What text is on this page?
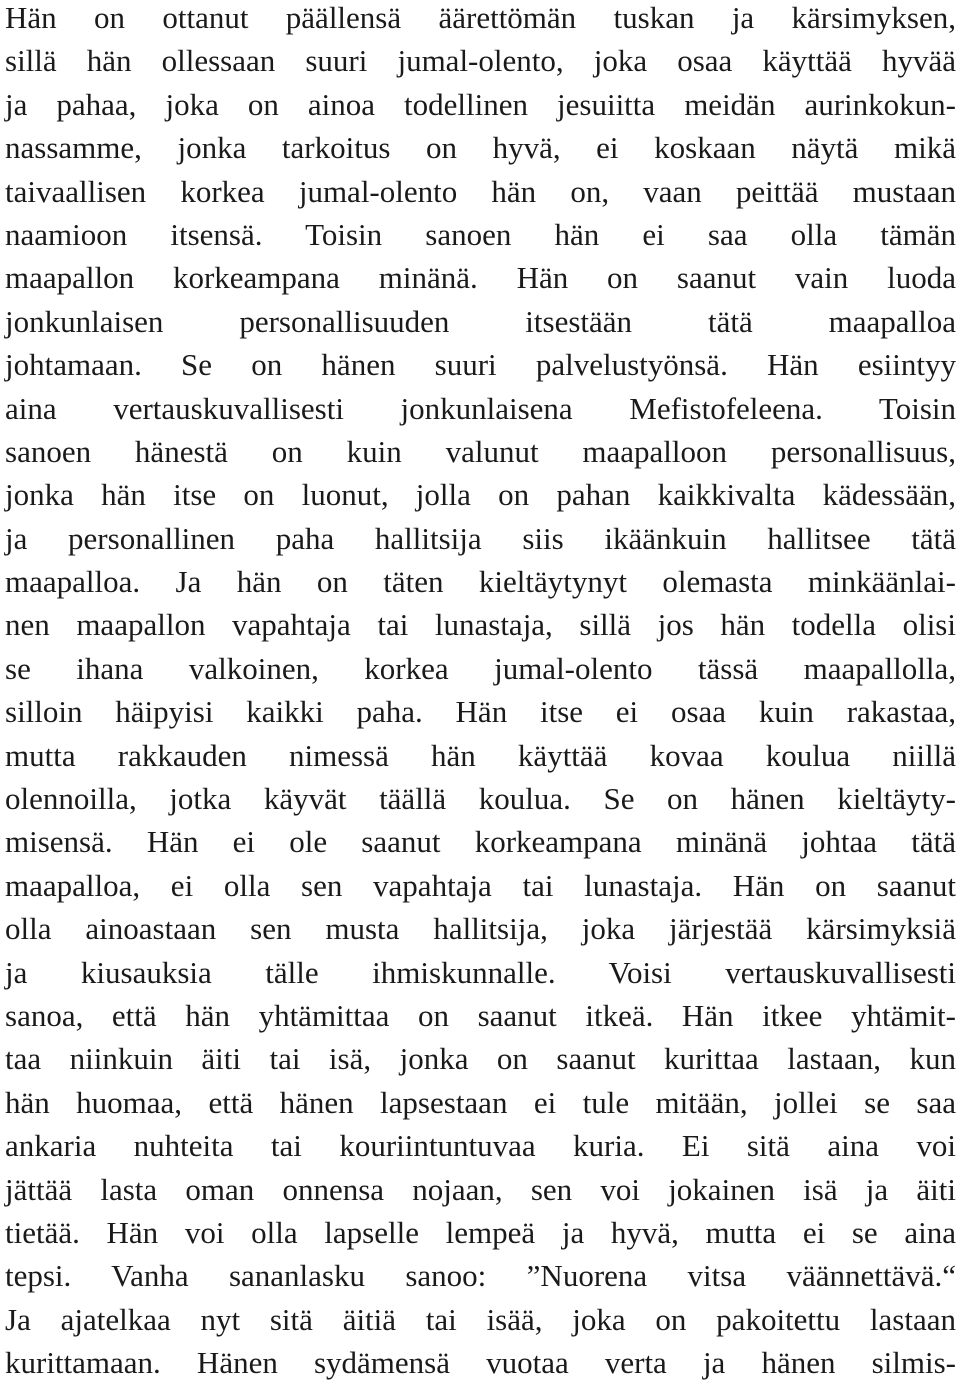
Hän on ottanut päällensä äärettömän tuskan ja kärsimyksen,
sillä hän ollessaan suuri jumal-olento, joka osaa käyttää hyvää
ja pahaa, joka on ainoa todellinen jesuiitta meidän aurinkokun-
nassamme, jonka tarkoitus on hyvä, ei koskaan näytä mikä
taivaallisen korkea jumal-olento hän on, vaan peittää mustaan
naamioon itsensä. Toisin sanoen hän ei saa olla tämän
maapallon korkeampana minänä. Hän on saanut vain luoda
jonkunlaisen personallisuuden itsestään tätä maapalloa
johtamaan. Se on hänen suuri palvelustyönsä. Hän esiintyy
aina vertauskuvallisesti jonkunlaisena Mefistofeleena. Toisin
sanoen hänestä on kuin valunut maapalloon personallisuus,
jonka hän itse on luonut, jolla on pahan kaikkivalta kädessään,
ja personallinen paha hallitsija siis ikäänkuin hallitsee tätä
maapalloa. Ja hän on täten kieltäytynyt olemasta minkäänlai-
nen maapallon vapahtaja tai lunastaja, sillä jos hän todella olisi
se ihana valkoinen, korkea jumal-olento tässä maapallolla,
silloin häipyisi kaikki paha. Hän itse ei osaa kuin rakastaa,
mutta rakkauden nimessä hän käyttää kovaa koulua niillä
olennoilla, jotka käyvät täällä koulua. Se on hänen kieltäyty-
misensä. Hän ei ole saanut korkeampana minänä johtaa tätä
maapalloa, ei olla sen vapahtaja tai lunastaja. Hän on saanut
olla ainoastaan sen musta hallitsija, joka järjestää kärsimyksiä
ja kiusauksia tälle ihmiskunnalle. Voisi vertauskuvallisesti
sanoa, että hän yhtämittaa on saanut itkeä. Hän itkee yhtämit-
taa niinkuin äiti tai isä, jonka on saanut kurittaa lastaan, kun
hän huomaa, että hänen lapsestaan ei tule mitään, jollei se saa
ankaria nuhteita tai kouriintuntuvaa kuria. Ei sitä aina voi
jättää lasta oman onnensa nojaan, sen voi jokainen isä ja äiti
tietää. Hän voi olla lapselle lempeä ja hyvä, mutta ei se aina
tepsi. Vanha sananlasku sanoo: ”Nuorena vitsa väännettävä.“
Ja ajatelkaa nyt sitä äitiä tai isää, joka on pakoitettu lastaan
kurittamaan. Hänen sydämensä vuotaa verta ja hänen silmis-
